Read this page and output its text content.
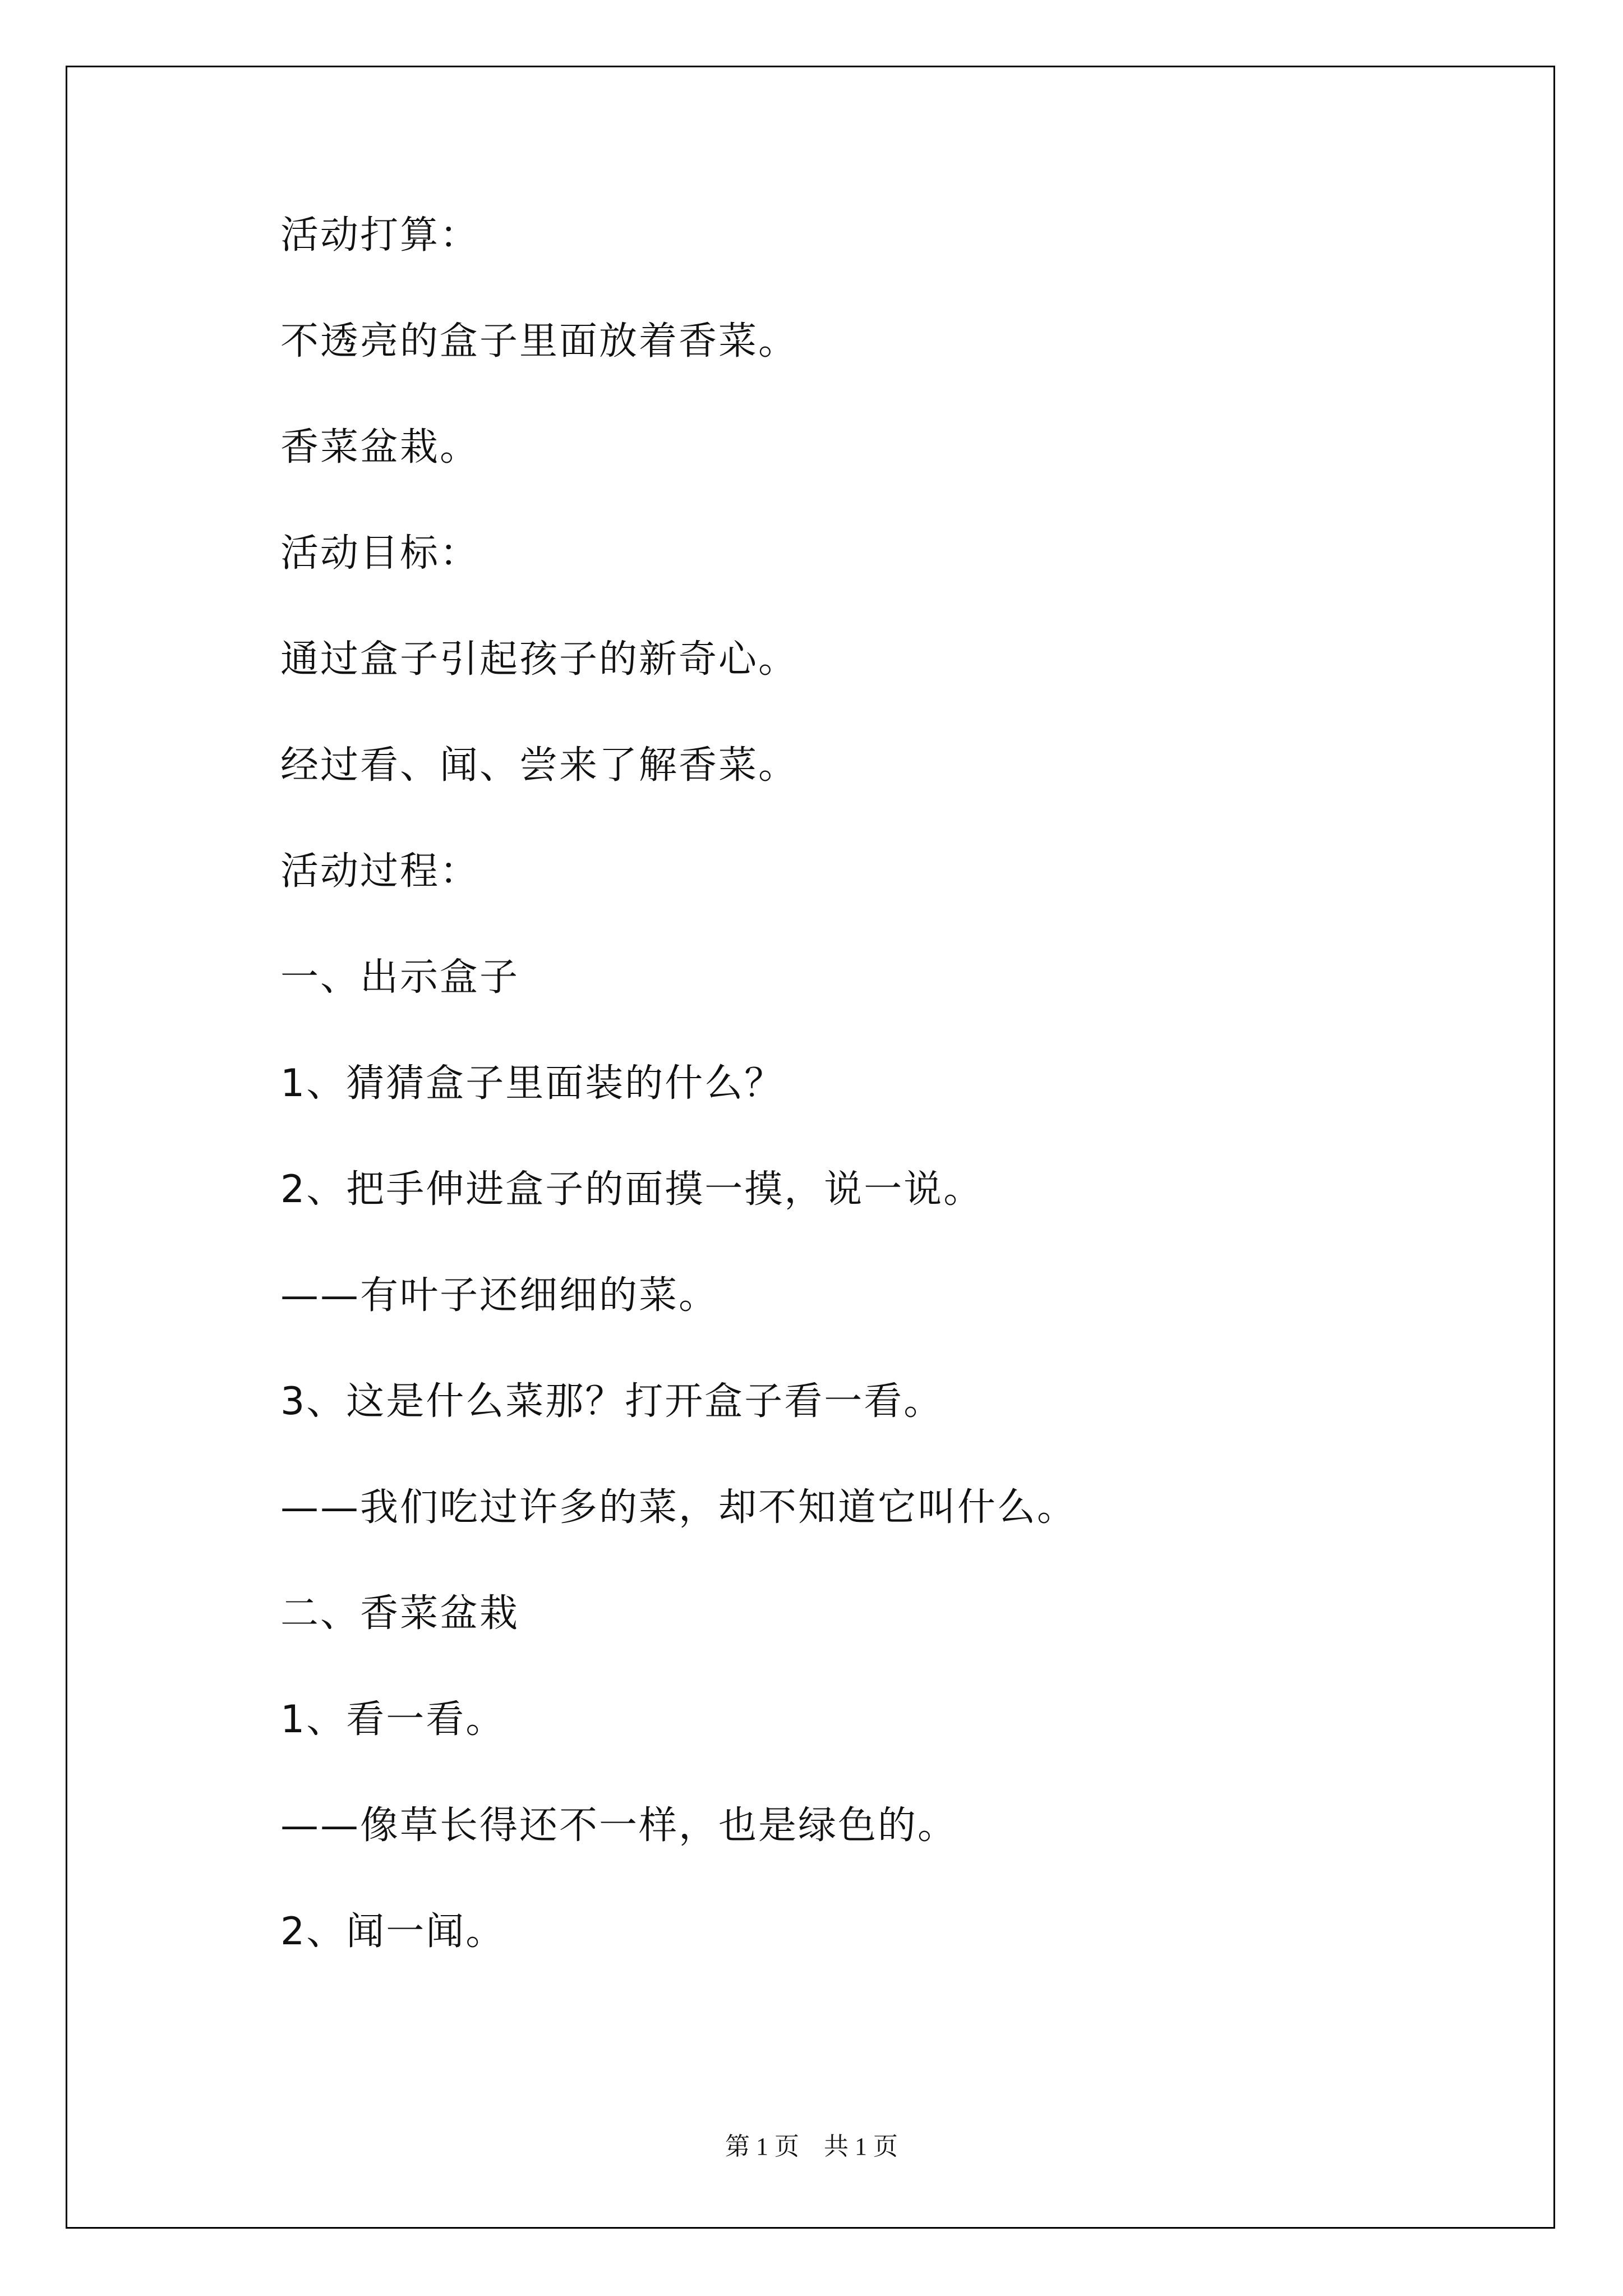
活动打算：

不透亮的盒子里面放着香菜。

香菜盆栽。

活动目标：

通过盒子引起孩子的新奇心。

经过看、闻、尝来了解香菜。

活动过程：

一、出示盒子

1、猜猜盒子里面装的什么？

2、把手伸进盒子的面摸一摸，说一说。

——有叶子还细细的菜。

3、这是什么菜那？打开盒子看一看。

——我们吃过许多的菜，却不知道它叫什么。

二、香菜盆栽

1、看一看。

——像草长得还不一样，也是绿色的。

2、闻一闻。

第 1 页    共 1 页
